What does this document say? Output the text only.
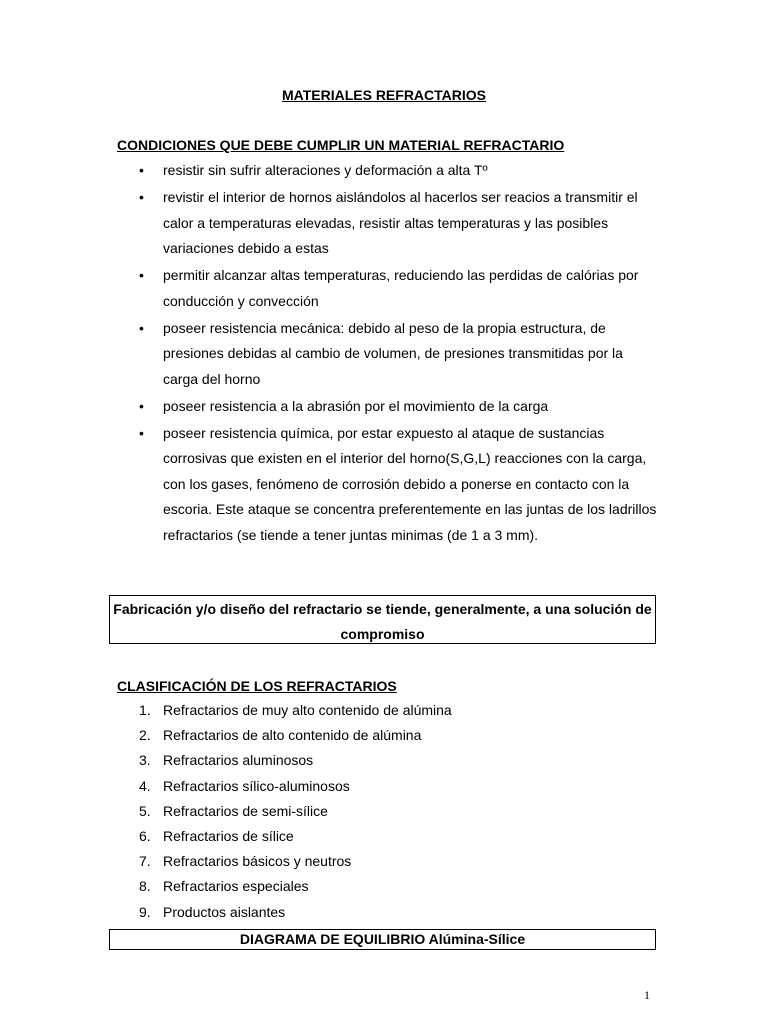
MATERIALES REFRACTARIOS
CONDICIONES QUE DEBE CUMPLIR UN MATERIAL REFRACTARIO
• resistir sin sufrir alteraciones y deformación a alta Tº
• revistir el interior de hornos aislándolos al hacerlos ser reacios a transmitir el calor a temperaturas elevadas, resistir altas temperaturas y las posibles variaciones debido a estas
• permitir alcanzar altas temperaturas, reduciendo las perdidas de calórias por conducción y convección
• poseer resistencia mecánica: debido al peso de la propia estructura, de presiones debidas al cambio de volumen, de presiones transmitidas por la carga del horno
• poseer resistencia a la abrasión por el movimiento de la carga
• poseer resistencia química, por estar expuesto al ataque de sustancias corrosivas que existen en el interior del horno(S,G,L) reacciones con la carga, con los gases, fenómeno de corrosión debido a ponerse en contacto con la escoria. Este ataque se concentra preferentemente en las juntas de los ladrillos refractarios (se tiende a tener juntas minimas (de 1 a 3 mm).
Fabricación y/o diseño del refractario se tiende, generalmente, a una solución de compromiso
CLASIFICACIÓN DE LOS REFRACTARIOS
1. Refractarios de muy alto contenido de alúmina
2. Refractarios de alto contenido de alúmina
3. Refractarios aluminosos
4. Refractarios sílico-aluminosos
5. Refractarios de semi-sílice
6. Refractarios de sílice
7. Refractarios básicos y neutros
8. Refractarios especiales
9. Productos aislantes
DIAGRAMA DE EQUILIBRIO Alúmina-Sílice
1
